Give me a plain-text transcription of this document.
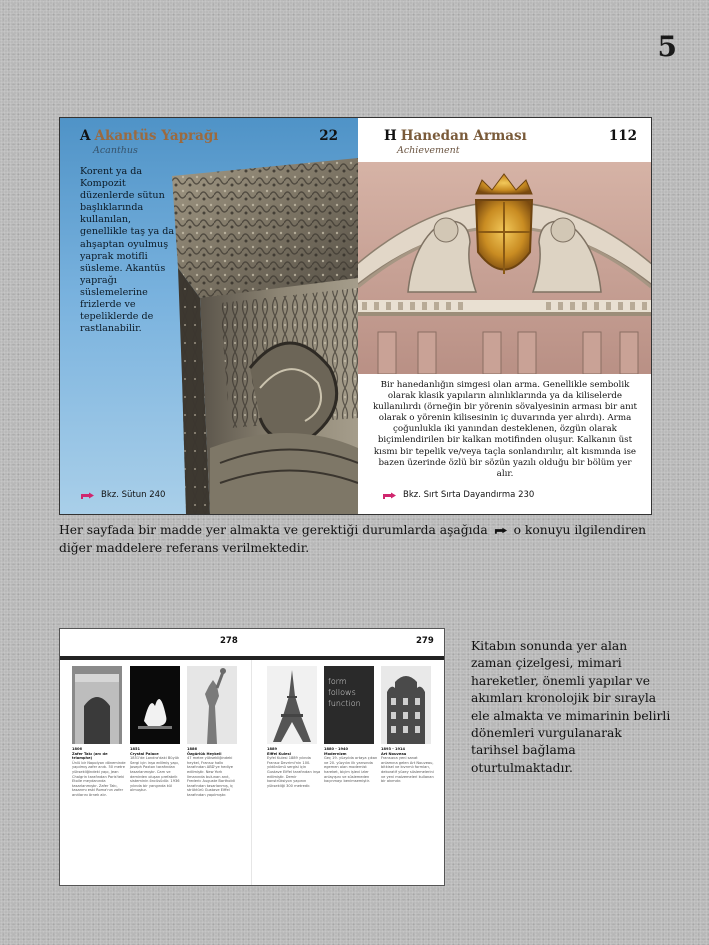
5
A Akantüs Yaprağı
Acanthus
22
Korent ya da Kompozit düzenlerde sütun başlıklarında kullanılan, genellikle taş ya da ahşaptan oyulmuş yaprak motifli süsleme. Akantüs yaprağı süslemelerine frizlerde ve tepeliklerde de rastlanabilir.
Bkz. Sütun 240
H Hanedan Arması
Achievement
112
Bir hanedanlığın simgesi olan arma. Genellikle sembolik olarak klasik yapıların alınlıklarında ya da kiliselerde kullanılırdı (örneğin bir yörenin sövalyesinin arması bir anıt olarak o yörenin kilisesinin iç duvarında yer alırdı). Arma çoğunlukla iki yanından desteklenen, özgün olarak biçimlendirilen bir kalkan motifinden oluşur. Kalkanın üst kısmı bir tepelik ve/veya taçla sonlandırılır, alt kısmında ise bazen üzerinde özlü bir sözün yazılı olduğu bir bölüm yer alır.
Bkz. Sırt Sırta Dayandırma 230
Her sayfada bir madde yer almakta ve gerektiği durumlarda aşağıda o konuyu ilgilendiren diğer maddelere referans verilmektedir.
278	279
form
follows
function
1806
Zafer Takı (arc de triomphe)
Ünlü bir Napolyon döneminde yapılmış zafer anıtı. 50 metre yüksekliğindeki yapı, Jean Chalgrin tarafından Paris'teki Etoile meydanında tasarlanmıştır. Zafer Takı, tasarımı eski Roma'nın zafer anıtlarını örnek alır.
1851
Crystal Palace
1851'de Londra'daki Büyük Sergi için inşa edilmiş yapı, Joseph Paxton tarafından tasarlanmıştır. Cam ve demirden oluşan prefabrik sisteminin öncüsüdür. 1936 yılında bir yangında kül olmuştur.
1886
Özgürlük Heykeli
47 metre yüksekliğindeki heykel, Fransız halkı tarafından ABD'ye hediye edilmiştir. New York limanında bulunan anıt, Frederic Auguste Bartholdi tarafından tasarlanmış, iç strüktürü Gustave Eiffel tarafından yapılmıştır.
1889
Eiffel Kulesi
Eyfel Kulesi 1889 yılında Fransız Devrimi'nin 100. yıldönümü sergisi için Gustave Eiffel tarafından inşa edilmiştir. Demir konstrüksiyon yapının yüksekliği 300 metredir.
1880 - 1940
Modernizm
Geç 19. yüzyılda ortaya çıkan ve 20. yüzyılın ilk yarısında egemen olan modernist hareket, biçim işlevi izler anlayışını ve süslemeden kaçınmayı benimsemiştir.
1893 - 1914
Art Nouveau
Fransızca yeni sanat anlamına gelen Art Nouveau, bitkisel ve kıvrımlı formları, dekoratif yüzey süslemelerini ve yeni malzemeleri kullanan bir akımdır.
Kitabın sonunda yer alan zaman çizelgesi, mimari hareketler, önemli yapılar ve akımları kronolojik bir sırayla ele almakta ve mimarinin belirli dönemleri vurgulanarak tarihsel bağlama oturtulmaktadır.
